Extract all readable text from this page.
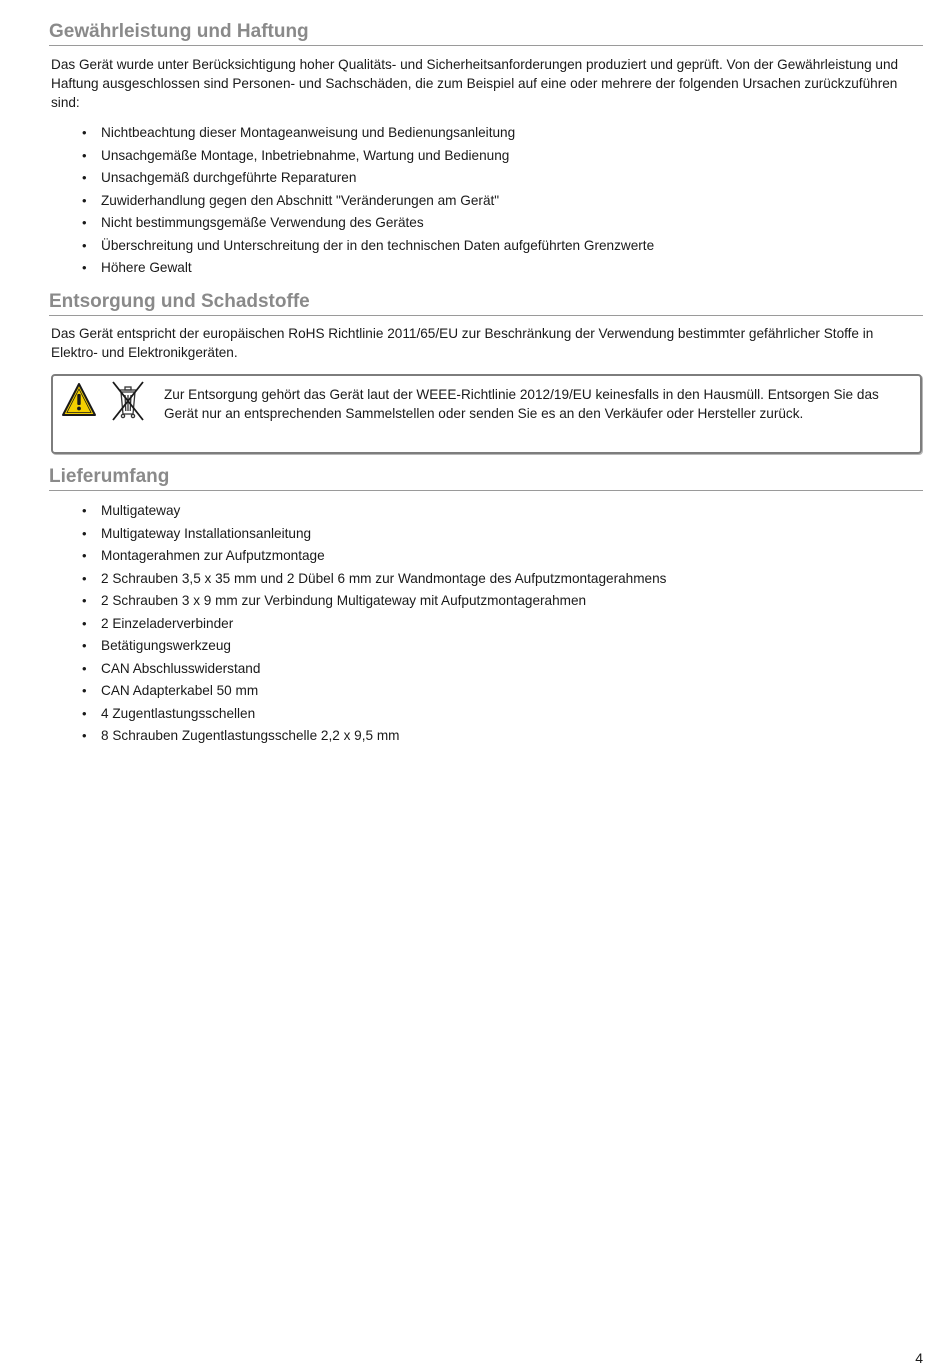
Gewährleistung und Haftung

Das Gerät wurde unter Berücksichtigung hoher Qualitäts- und Sicherheitsanforderungen produziert und geprüft. Von der Gewährleistung und Haftung ausgeschlossen sind Personen- und Sachschäden, die zum Beispiel auf eine oder mehrere der folgenden Ursachen zurückzuführen sind:

• Nichtbeachtung dieser Montageanweisung und Bedienungsanleitung
• Unsachgemäße Montage, Inbetriebnahme, Wartung und Bedienung
• Unsachgemäß durchgeführte Reparaturen
• Zuwiderhandlung gegen den Abschnitt "Veränderungen am Gerät"
• Nicht bestimmungsgemäße Verwendung des Gerätes
• Überschreitung und Unterschreitung der in den technischen Daten aufgeführten Grenzwerte
• Höhere Gewalt
Entsorgung und Schadstoffe

Das Gerät entspricht der europäischen RoHS Richtlinie 2011/65/EU zur Beschränkung der Verwendung bestimmter gefährlicher Stoffe in Elektro- und Elektronikgeräten.

Zur Entsorgung gehört das Gerät laut der WEEE-Richtlinie 2012/19/EU keinesfalls in den Hausmüll. Entsorgen Sie das Gerät nur an entsprechenden Sammelstellen oder senden Sie es an den Verkäufer oder Hersteller zurück.
Lieferumfang
• Multigateway
• Multigateway Installationsanleitung
• Montagerahmen zur Aufputzmontage
• 2 Schrauben 3,5 x 35 mm und 2 Dübel 6 mm zur Wandmontage des Aufputzmontagerahmens
• 2 Schrauben 3 x 9 mm zur Verbindung Multigateway mit Aufputzmontagerahmen
• 2 Einzeladerverbinder
• Betätigungswerkzeug
• CAN Abschlusswiderstand
• CAN Adapterkabel 50 mm
• 4 Zugentlastungsschellen
• 8 Schrauben Zugentlastungsschelle 2,2 x 9,5 mm
4
